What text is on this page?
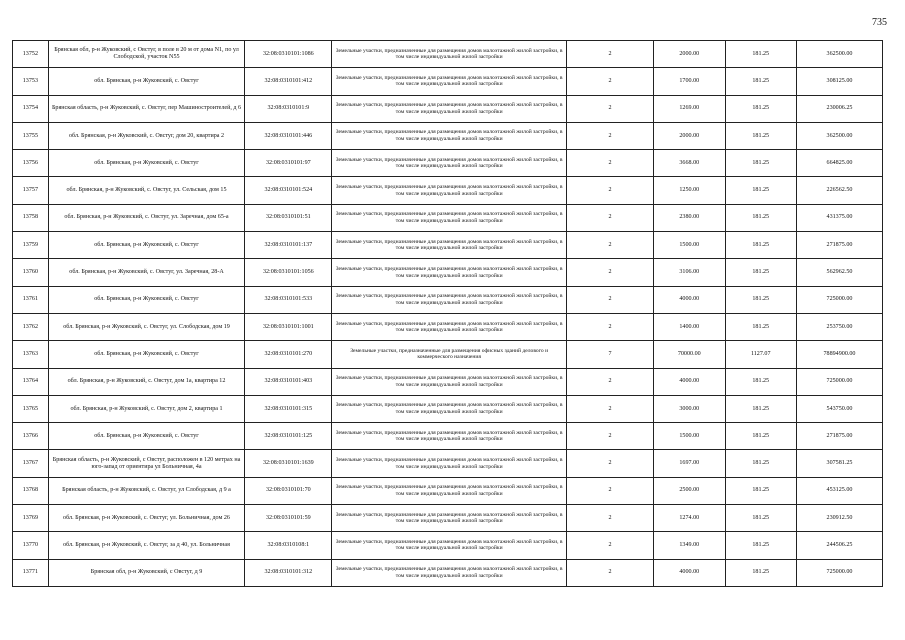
735
13752	Брянская обл, р-н Жуковский, с Овстуг, в поле в 20 м от дома N1, по ул Слободской, участок N55	32:08:0310101:1086	Земельные участки, предназначенные для размещения домов малоэтажной жилой застройки, в том числе индивидуальной жилой застройки	2	2000.00	181.25	362500.00
13753	обл. Брянская, р-н Жуковский, с. Овстуг	32:08:0310101:412	Земельные участки, предназначенные для размещения домов малоэтажной жилой застройки, в том числе индивидуальной жилой застройки	2	1700.00	181.25	308125.00
13754	Брянская область, р-н Жуковский, с. Овстуг, пер Машиностроителей, д 6	32:08:0310101:9	Земельные участки, предназначенные для размещения домов малоэтажной жилой застройки, в том числе индивидуальной жилой застройки	2	1269.00	181.25	230006.25
13755	обл. Брянская, р-н Жуковский, с. Овстуг, дом 20, квартира 2	32:08:0310101:446	Земельные участки, предназначенные для размещения домов малоэтажной жилой застройки, в том числе индивидуальной жилой застройки	2	2000.00	181.25	362500.00
13756	обл. Брянская, р-н Жуковский, с. Овстуг	32:08:0310101:97	Земельные участки, предназначенные для размещения домов малоэтажной жилой застройки, в том числе индивидуальной жилой застройки	2	3668.00	181.25	664825.00
13757	обл. Брянская, р-н Жуковский, с. Овстуг, ул. Сельская, дом 15	32:08:0310101:524	Земельные участки, предназначенные для размещения домов малоэтажной жилой застройки, в том числе индивидуальной жилой застройки	2	1250.00	181.25	226562.50
13758	обл. Брянская, р-н Жуковский, с. Овстуг, ул. Заречная, дом 65-а	32:08:0310101:51	Земельные участки, предназначенные для размещения домов малоэтажной жилой застройки, в том числе индивидуальной жилой застройки	2	2380.00	181.25	431375.00
13759	обл. Брянская, р-н Жуковский, с. Овстуг	32:08:0310101:137	Земельные участки, предназначенные для размещения домов малоэтажной жилой застройки, в том числе индивидуальной жилой застройки	2	1500.00	181.25	271875.00
13760	обл. Брянская, р-н Жуковский, с. Овстуг, ул. Заречная, 28-А	32:08:0310101:1056	Земельные участки, предназначенные для размещения домов малоэтажной жилой застройки, в том числе индивидуальной жилой застройки	2	3106.00	181.25	562962.50
13761	обл. Брянская, р-н Жуковский, с. Овстуг	32:08:0310101:533	Земельные участки, предназначенные для размещения домов малоэтажной жилой застройки, в том числе индивидуальной жилой застройки	2	4000.00	181.25	725000.00
13762	обл. Брянская, р-н Жуковский, с. Овстуг, ул. Слободская, дом 19	32:08:0310101:1001	Земельные участки, предназначенные для размещения домов малоэтажной жилой застройки, в том числе индивидуальной жилой застройки	2	1400.00	181.25	253750.00
13763	обл. Брянская, р-н Жуковский, с. Овстуг	32:08:0310101:270	Земельные участки, предназначенные для размещения офисных зданий делового и коммерческого назначения	7	70000.00	1127.07	78894900.00
13764	обл. Брянская, р-н Жуковский, с. Овстуг, дом 1а, квартира 12	32:08:0310101:403	Земельные участки, предназначенные для размещения домов малоэтажной жилой застройки, в том числе индивидуальной жилой застройки	2	4000.00	181.25	725000.00
13765	обл. Брянская, р-н Жуковский, с. Овстуг, дом 2, квартира 1	32:08:0310101:315	Земельные участки, предназначенные для размещения домов малоэтажной жилой застройки, в том числе индивидуальной жилой застройки	2	3000.00	181.25	543750.00
13766	обл. Брянская, р-н Жуковский, с. Овстуг	32:08:0310101:125	Земельные участки, предназначенные для размещения домов малоэтажной жилой застройки, в том числе индивидуальной жилой застройки	2	1500.00	181.25	271875.00
13767	Брянская область, р-н Жуковский, с Овстуг, расположен в 120 метрах на юго-запад от ориентира ул Больничная, 4а	32:08:0310101:1639	Земельные участки, предназначенные для размещения домов малоэтажной жилой застройки, в том числе индивидуальной жилой застройки	2	1697.00	181.25	307581.25
13768	Брянская область, р-н Жуковский, с. Овстуг, ул Слободская, д 9 а	32:08:0310101:70	Земельные участки, предназначенные для размещения домов малоэтажной жилой застройки, в том числе индивидуальной жилой застройки	2	2500.00	181.25	453125.00
13769	обл. Брянская, р-н Жуковский, с. Овстуг, ул. Больничная, дом 26	32:08:0310101:59	Земельные участки, предназначенные для размещения домов малоэтажной жилой застройки, в том числе индивидуальной жилой застройки	2	1274.00	181.25	230912.50
13770	обл. Брянская, р-н Жуковский, с. Овстуг, за д 40, ул. Больничная	32:08:0310108:1	Земельные участки, предназначенные для размещения домов малоэтажной жилой застройки, в том числе индивидуальной жилой застройки	2	1349.00	181.25	244506.25
13771	Брянская обл, р-н Жуковский, с Овстуг, д 9	32:08:0310101:312	Земельные участки, предназначенные для размещения домов малоэтажной жилой застройки, в том числе индивидуальной жилой застройки	2	4000.00	181.25	725000.00
